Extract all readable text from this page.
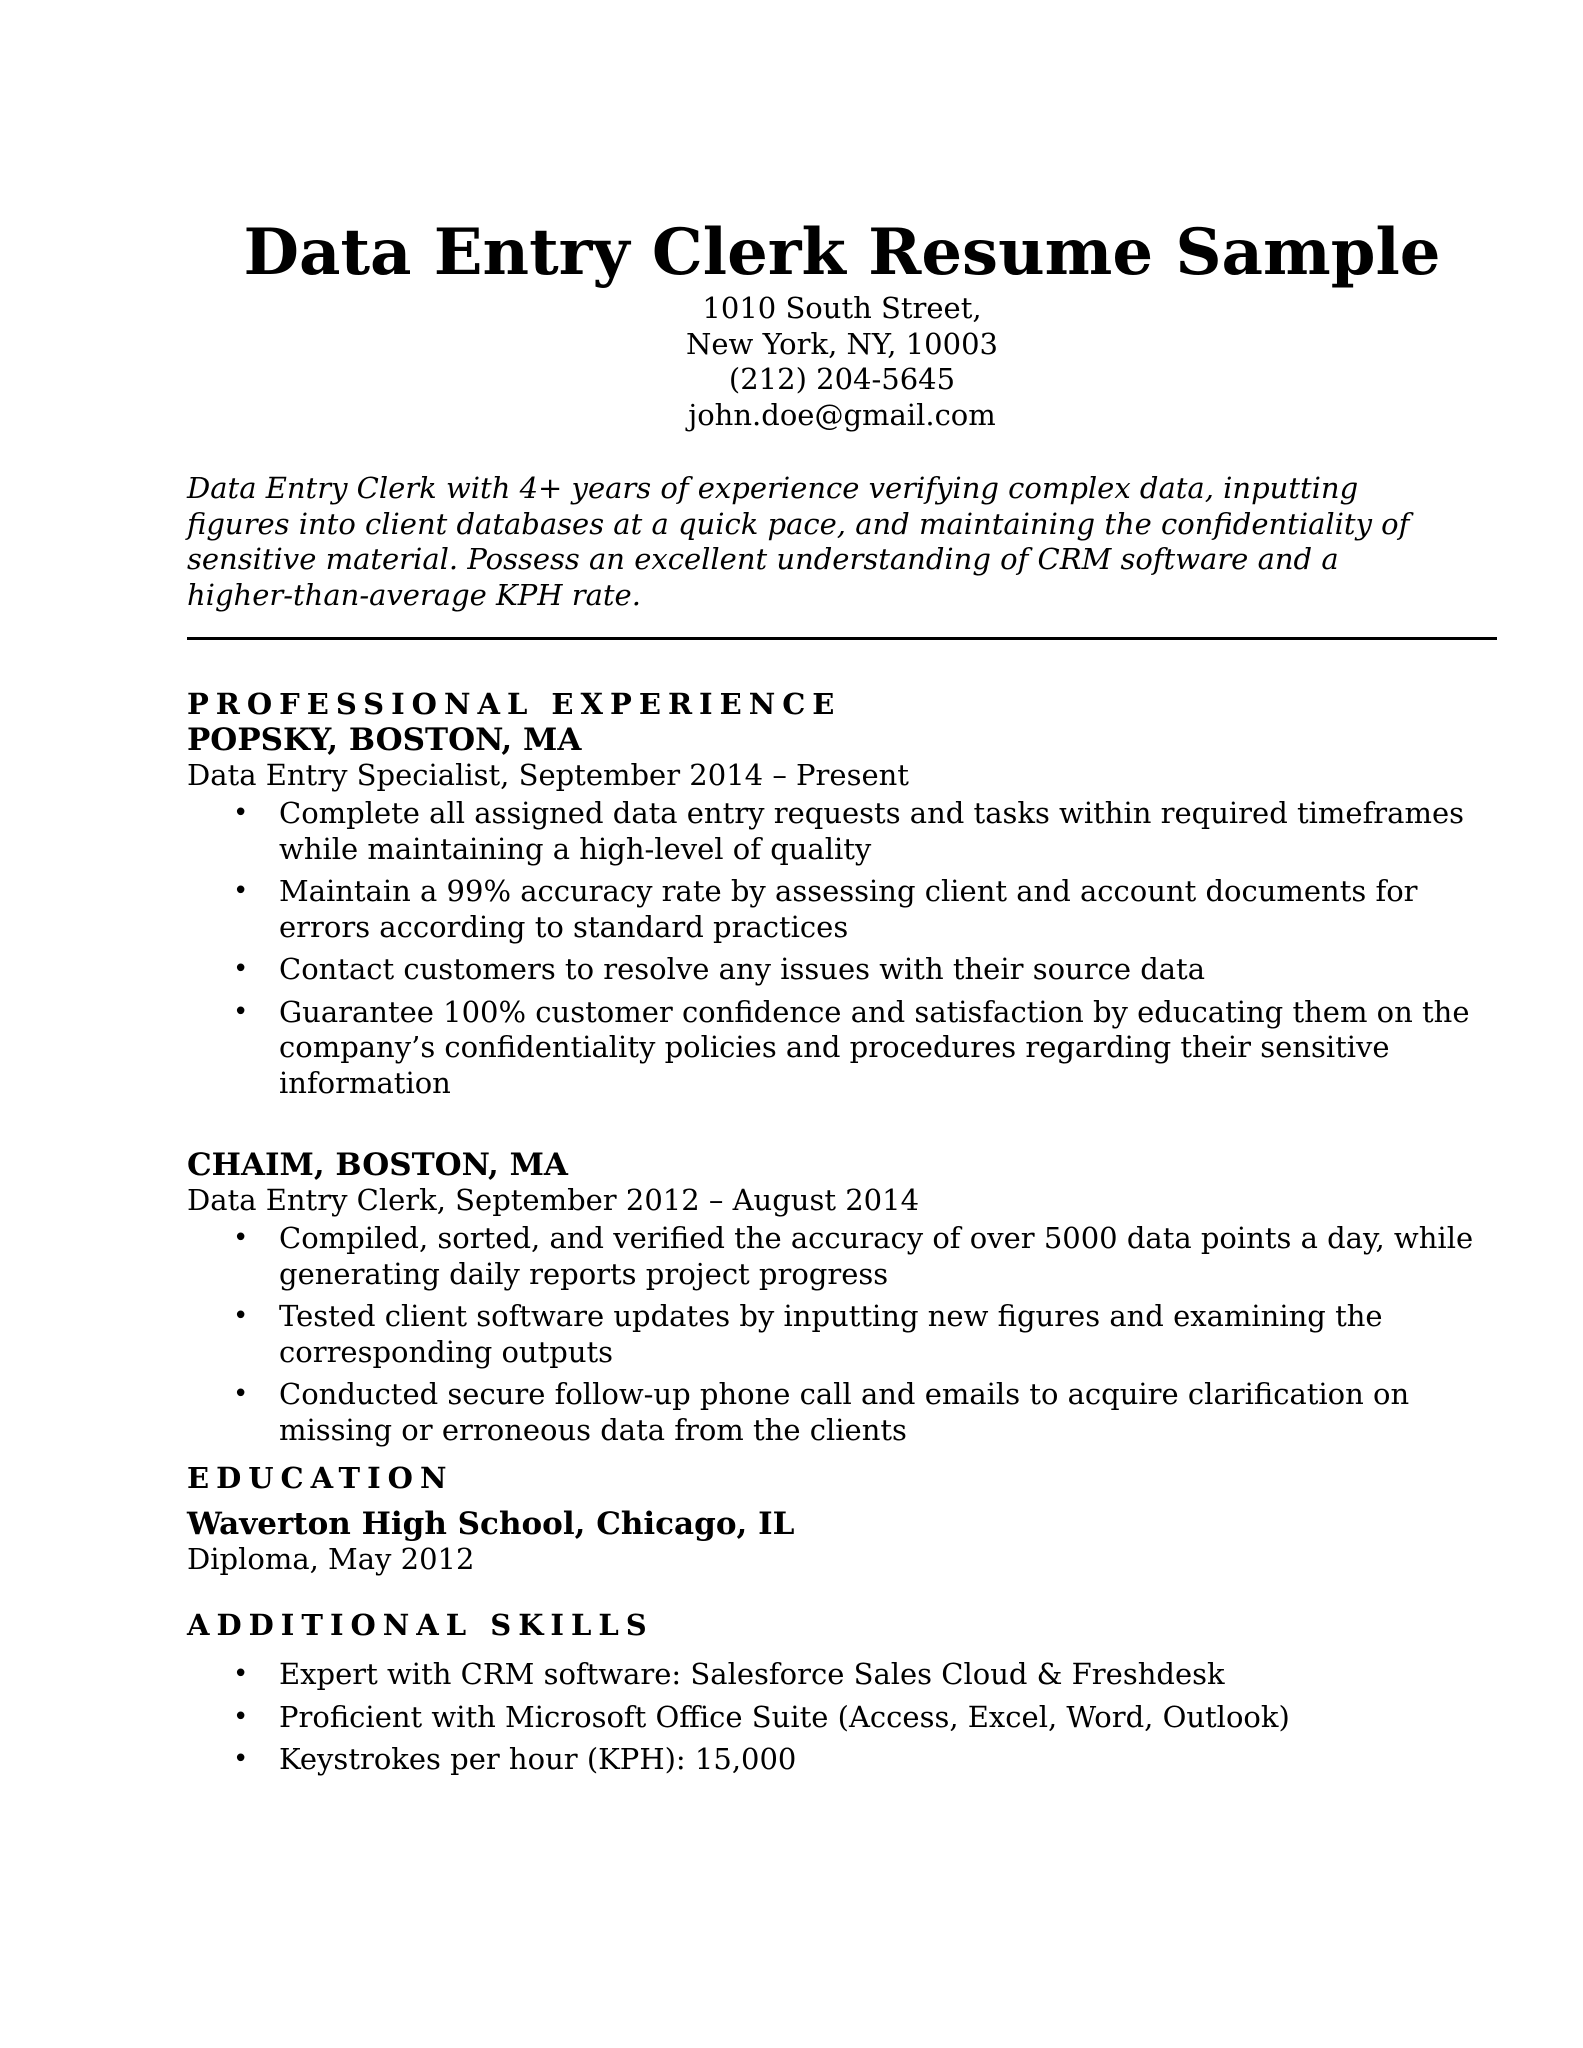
Data Entry Clerk Resume Sample

1010 South Street,

New York, NY, 10003

(212) 204-5645

john.doe@gmail.com

Data Entry Clerk with 4+ years of experience verifying complex data, inputting figures into client databases at a quick pace, and maintaining the confidentiality of sensitive material. Possess an excellent understanding of CRM software and a higher-than-average KPH rate.

PROFESSIONAL EXPERIENCE
POPSKY, BOSTON, MA
Data Entry Specialist, September 2014 – Present
• Complete all assigned data entry requests and tasks within required timeframes while maintaining a high-level of quality
• Maintain a 99% accuracy rate by assessing client and account documents for errors according to standard practices
• Contact customers to resolve any issues with their source data
• Guarantee 100% customer confidence and satisfaction by educating them on the company’s confidentiality policies and procedures regarding their sensitive information
CHAIM, BOSTON, MA
Data Entry Clerk, September 2012 – August 2014
• Compiled, sorted, and verified the accuracy of over 5000 data points a day, while generating daily reports project progress
• Tested client software updates by inputting new figures and examining the corresponding outputs
• Conducted secure follow-up phone call and emails to acquire clarification on missing or erroneous data from the clients
EDUCATION
Waverton High School, Chicago, IL
Diploma, May 2012
ADDITIONAL SKILLS
• Expert with CRM software: Salesforce Sales Cloud & Freshdesk
• Proficient with Microsoft Office Suite (Access, Excel, Word, Outlook)
• Keystrokes per hour (KPH): 15,000
